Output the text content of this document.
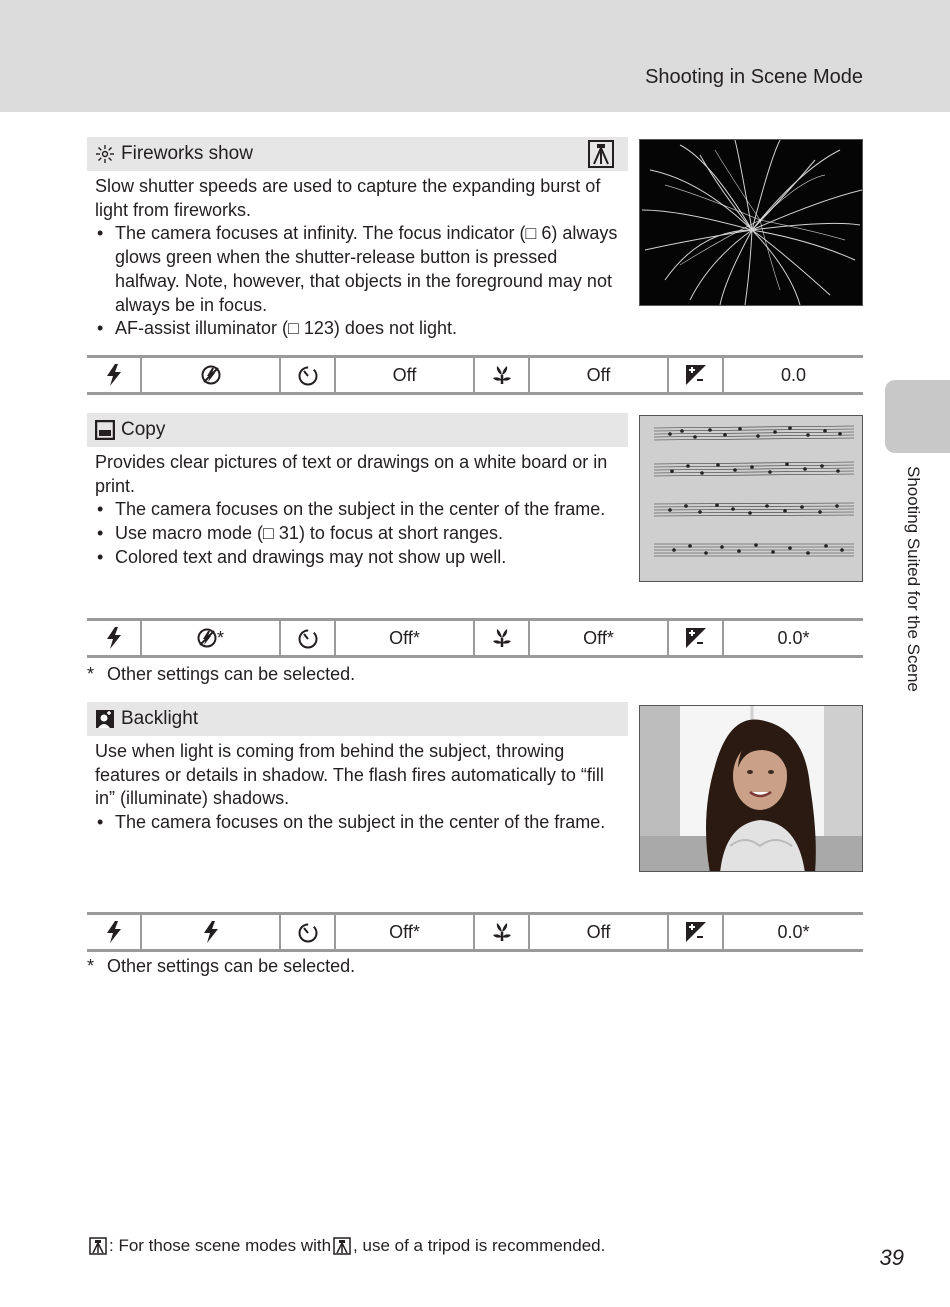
Shooting in Scene Mode
Shooting Suited for the Scene
Fireworks show

Slow shutter speeds are used to capture the expanding burst of light from fireworks.

• The camera focuses at infinity. The focus indicator (□ 6) always glows green when the shutter-release button is pressed halfway. Note, however, that objects in the foreground may not always be in focus.
• AF-assist illuminator (□ 123) does not light.
Off	Off	0.0
Copy

Provides clear pictures of text or drawings on a white board or in print.

• The camera focuses on the subject in the center of the frame.
• Use macro mode (□ 31) to focus at short ranges.
• Colored text and drawings may not show up well.
*	Off*	Off*	0.0*
* Other settings can be selected.
Backlight

Use when light is coming from behind the subject, throwing features or details in shadow. The flash fires automatically to “fill in” (illuminate) shadows.

• The camera focuses on the subject in the center of the frame.
Off*	Off	0.0*
* Other settings can be selected.
: For those scene modes with , use of a tripod is recommended.	39
